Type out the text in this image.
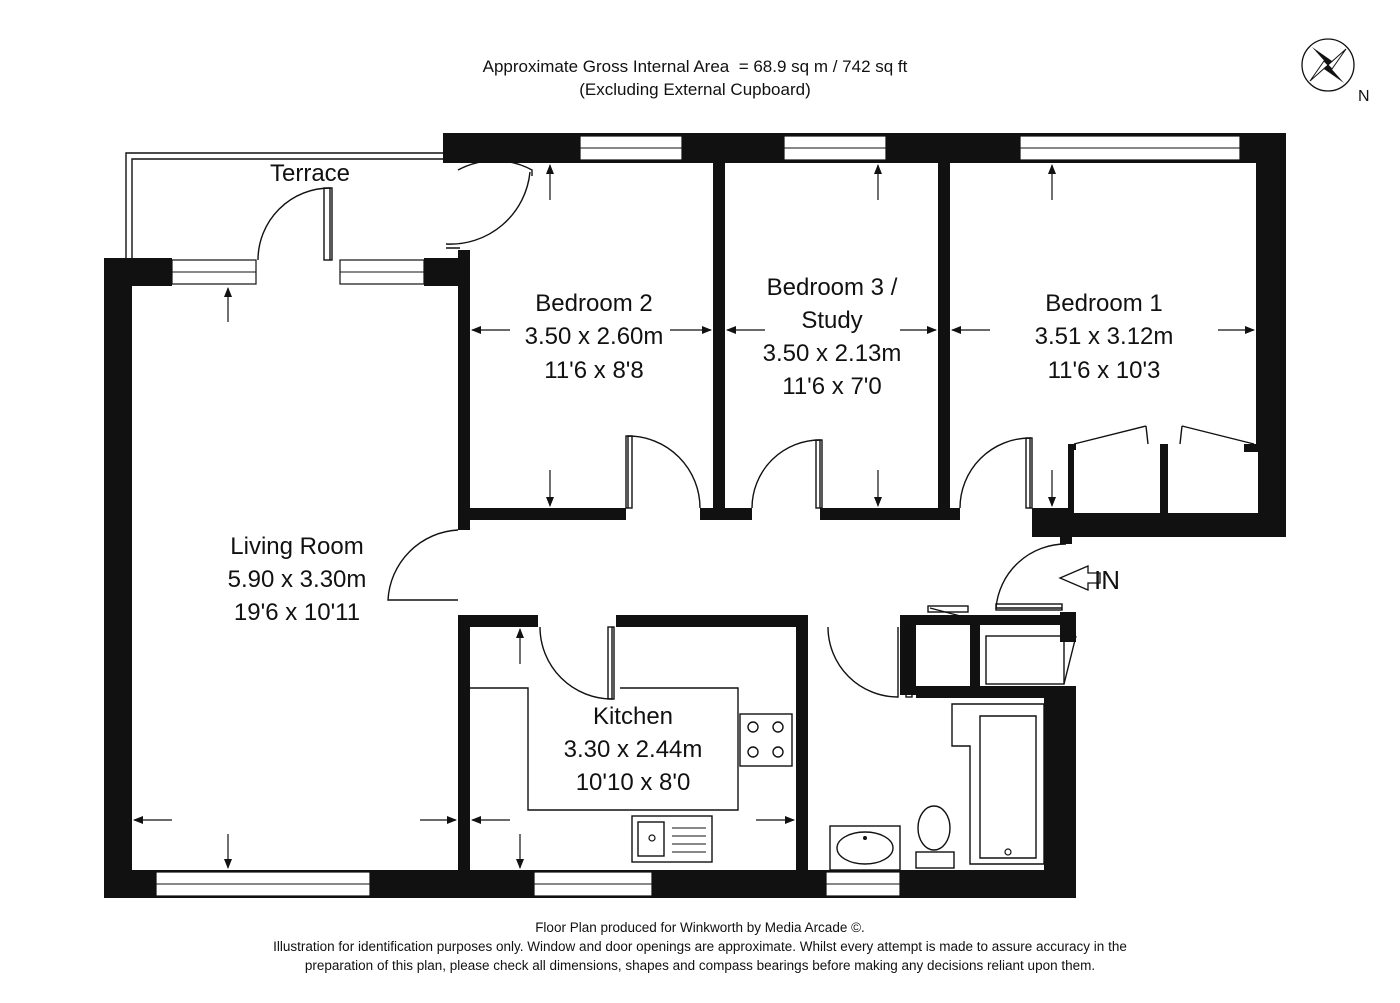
Approximate Gross Internal Area  = 68.9 sq m / 742 sq ft
(Excluding External Cupboard)	N
IN
Terrace
Bedroom 2
3.50 x 2.60m
11'6 x 8'8
Bedroom 3 /
Study
3.50 x 2.13m
11'6 x 7'0
Bedroom 1
3.51 x 3.12m
11'6 x 10'3
Living Room
5.90 x 3.30m
19'6 x 10'11
Kitchen
3.30 x 2.44m
10'10 x 8'0
Floor Plan produced for Winkworth by Media Arcade ©.
Illustration for identification purposes only. Window and door openings are approximate. Whilst every attempt is made to assure accuracy in the
preparation of this plan, please check all dimensions, shapes and compass bearings before making any decisions reliant upon them.
